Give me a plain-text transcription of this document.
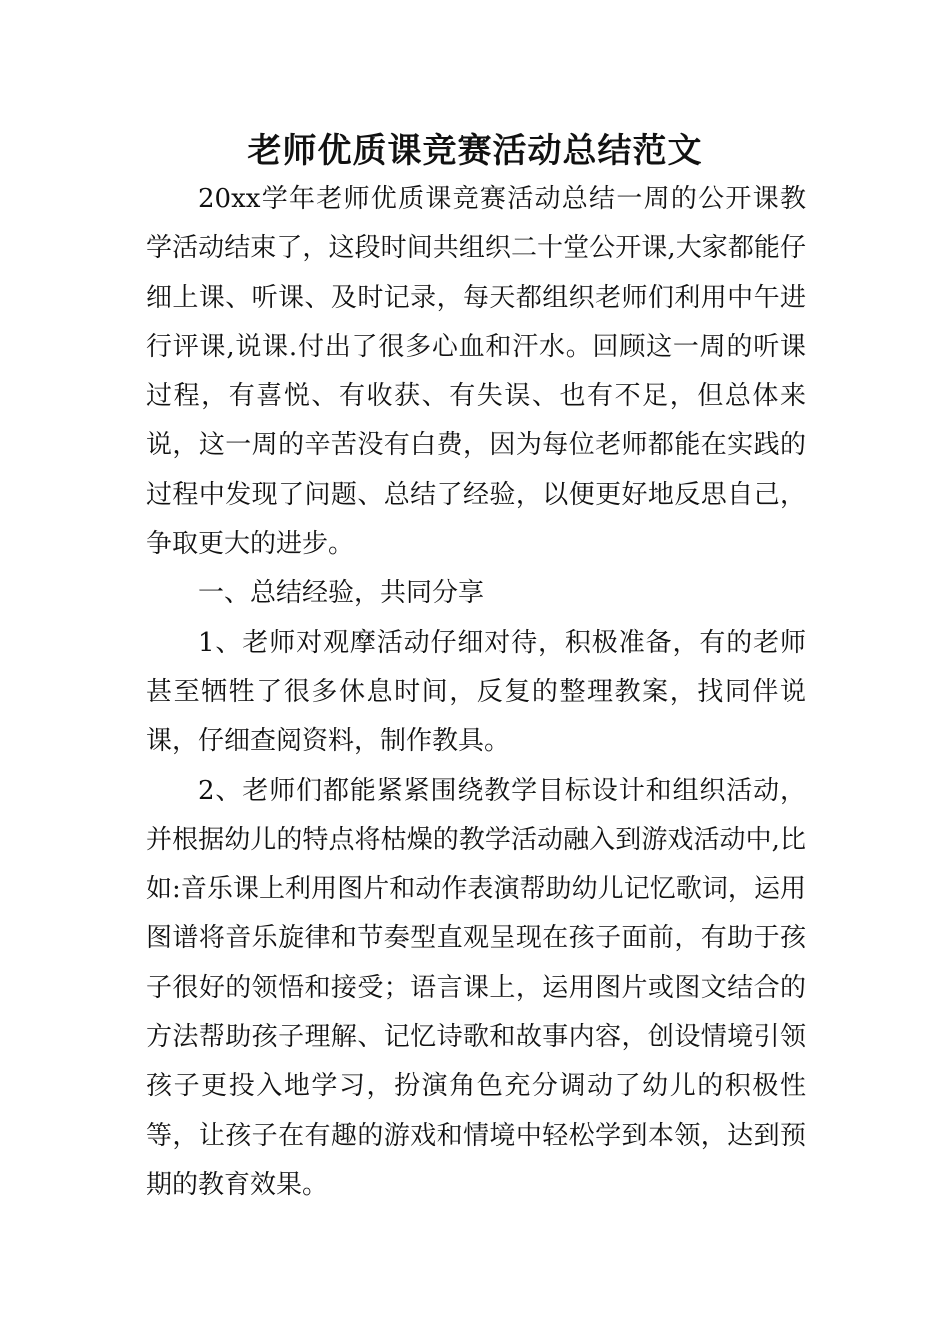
老师优质课竞赛活动总结范文

20xx学年老师优质课竞赛活动总结一周的公开课教学活动结束了，这段时间共组织二十堂公开课,大家都能仔细上课、听课、及时记录，每天都组织老师们利用中午进行评课,说课.付出了很多心血和汗水。回顾这一周的听课过程，有喜悦、有收获、有失误、也有不足，但总体来说，这一周的辛苦没有白费，因为每位老师都能在实践的过程中发现了问题、总结了经验，以便更好地反思自己，争取更大的进步。

一、总结经验，共同分享

1、老师对观摩活动仔细对待，积极准备，有的老师甚至牺牲了很多休息时间，反复的整理教案，找同伴说课，仔细查阅资料，制作教具。

2、老师们都能紧紧围绕教学目标设计和组织活动，并根据幼儿的特点将枯燥的教学活动融入到游戏活动中,比如:音乐课上利用图片和动作表演帮助幼儿记忆歌词，运用图谱将音乐旋律和节奏型直观呈现在孩子面前，有助于孩子很好的领悟和接受；语言课上，运用图片或图文结合的方法帮助孩子理解、记忆诗歌和故事内容，创设情境引领孩子更投入地学习，扮演角色充分调动了幼儿的积极性等，让孩子在有趣的游戏和情境中轻松学到本领，达到预期的教育效果。
